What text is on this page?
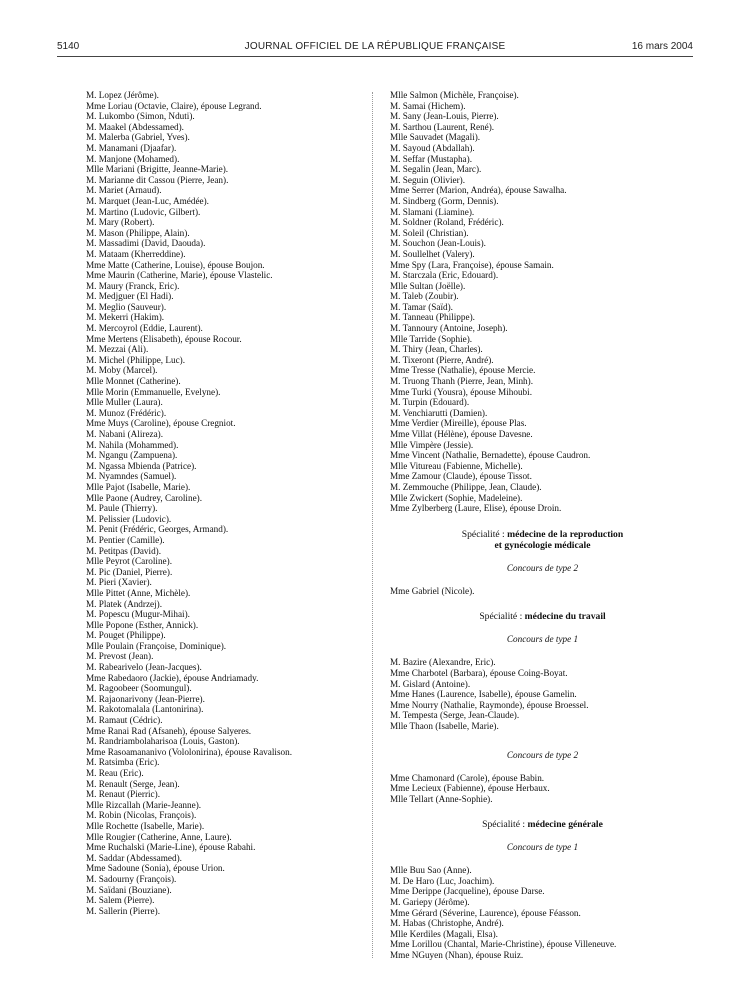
5140	JOURNAL OFFICIEL DE LA RÉPUBLIQUE FRANÇAISE	16 mars 2004
M. Lopez (Jérôme).
Mme Loriau (Octavie, Claire), épouse Legrand.
M. Lukombo (Simon, Nduti).
M. Maakel (Abdessamed).
M. Malerba (Gabriel, Yves).
M. Manamani (Djaafar).
M. Manjone (Mohamed).
Mlle Mariani (Brigitte, Jeanne-Marie).
M. Marianne dit Cassou (Pierre, Jean).
M. Mariet (Arnaud).
M. Marquet (Jean-Luc, Amédée).
M. Martino (Ludovic, Gilbert).
M. Mary (Robert).
M. Mason (Philippe, Alain).
M. Massadimi (David, Daouda).
M. Mataam (Kherreddine).
Mme Matte (Catherine, Louise), épouse Boujon.
Mme Maurin (Catherine, Marie), épouse Vlastelic.
M. Maury (Franck, Eric).
M. Medjguer (El Hadi).
M. Meglio (Sauveur).
M. Mekerri (Hakim).
M. Mercoyrol (Eddie, Laurent).
Mme Mertens (Elisabeth), épouse Rocour.
M. Mezzai (Ali).
M. Michel (Philippe, Luc).
M. Moby (Marcel).
Mlle Monnet (Catherine).
Mlle Morin (Emmanuelle, Evelyne).
Mlle Muller (Laura).
M. Munoz (Frédéric).
Mme Muys (Caroline), épouse Cregniot.
M. Nabani (Alireza).
M. Nahila (Mohammed).
M. Ngangu (Zampuena).
M. Ngassa Mbienda (Patrice).
M. Nyamndes (Samuel).
Mlle Pajot (Isabelle, Marie).
Mlle Paone (Audrey, Caroline).
M. Paule (Thierry).
M. Pelissier (Ludovic).
M. Penit (Frédéric, Georges, Armand).
M. Pentier (Camille).
M. Petitpas (David).
Mlle Peyrot (Caroline).
M. Pic (Daniel, Pierre).
M. Pieri (Xavier).
Mlle Pittet (Anne, Michèle).
M. Platek (Andrzej).
M. Popescu (Mugur-Mihai).
Mlle Popone (Esther, Annick).
M. Pouget (Philippe).
Mlle Poulain (Françoise, Dominique).
M. Prevost (Jean).
M. Rabearivelo (Jean-Jacques).
Mme Rabedaoro (Jackie), épouse Andriamady.
M. Ragoobeer (Soomungul).
M. Rajaonarivony (Jean-Pierre).
M. Rakotomalala (Lantonirina).
M. Ramaut (Cédric).
Mme Ranai Rad (Afsaneh), épouse Salyeres.
M. Randriambolaharisoa (Louis, Gaston).
Mme Rasoamananivo (Vololonirina), épouse Ravalison.
M. Ratsimba (Eric).
M. Reau (Eric).
M. Renault (Serge, Jean).
M. Renaut (Pierric).
Mlle Rizcallah (Marie-Jeanne).
M. Robin (Nicolas, François).
Mlle Rochette (Isabelle, Marie).
Mlle Rougier (Catherine, Anne, Laure).
Mme Ruchalski (Marie-Line), épouse Rabahi.
M. Saddar (Abdessamed).
Mme Sadoune (Sonia), épouse Urion.
M. Sadourny (François).
M. Saïdani (Bouziane).
M. Salem (Pierre).
M. Sallerin (Pierre).
Mlle Salmon (Michèle, Françoise).
M. Samai (Hichem).
M. Sany (Jean-Louis, Pierre).
M. Sarthou (Laurent, René).
Mlle Sauvadet (Magali).
M. Sayoud (Abdallah).
M. Seffar (Mustapha).
M. Segalin (Jean, Marc).
M. Seguin (Olivier).
Mme Serrer (Marion, Andréa), épouse Sawalha.
M. Sindberg (Gorm, Dennis).
M. Slamani (Liamine).
M. Soldner (Roland, Frédéric).
M. Soleil (Christian).
M. Souchon (Jean-Louis).
M. Soullelhet (Valery).
Mme Spy (Lara, Françoise), épouse Samain.
M. Starczala (Eric, Edouard).
Mlle Sultan (Joëlle).
M. Taleb (Zoubir).
M. Tamar (Saïd).
M. Tanneau (Philippe).
M. Tannoury (Antoine, Joseph).
Mlle Tarride (Sophie).
M. Thiry (Jean, Charles).
M. Tixeront (Pierre, André).
Mme Tresse (Nathalie), épouse Mercie.
M. Truong Thanh (Pierre, Jean, Minh).
Mme Turki (Yousra), épouse Mihoubi.
M. Turpin (Edouard).
M. Venchiarutti (Damien).
Mme Verdier (Mireille), épouse Plas.
Mme Villat (Hélène), épouse Davesne.
Mlle Vimpère (Jessie).
Mme Vincent (Nathalie, Bernadette), épouse Caudron.
Mlle Vitureau (Fabienne, Michelle).
Mme Zamour (Claude), épouse Tissot.
M. Zemmouche (Philippe, Jean, Claude).
Mlle Zwickert (Sophie, Madeleine).
Mme Zylberberg (Laure, Elise), épouse Droin.
Spécialité : médecine de la reproduction
et gynécologie médicale
Concours de type 2
Mme Gabriel (Nicole).
Spécialité : médecine du travail
Concours de type 1
M. Bazire (Alexandre, Eric).
Mme Charbotel (Barbara), épouse Coing-Boyat.
M. Gislard (Antoine).
Mme Hanes (Laurence, Isabelle), épouse Gamelin.
Mme Nourry (Nathalie, Raymonde), épouse Broessel.
M. Tempesta (Serge, Jean-Claude).
Mlle Thaon (Isabelle, Marie).
Concours de type 2
Mme Chamonard (Carole), épouse Babin.
Mme Lecieux (Fabienne), épouse Herbaux.
Mlle Tellart (Anne-Sophie).
Spécialité : médecine générale
Concours de type 1
Mlle Buu Sao (Anne).
M. De Haro (Luc, Joachim).
Mme Derippe (Jacqueline), épouse Darse.
M. Gariepy (Jérôme).
Mme Gérard (Séverine, Laurence), épouse Féasson.
M. Habas (Christophe, André).
Mlle Kerdiles (Magali, Elsa).
Mme Lorillou (Chantal, Marie-Christine), épouse Villeneuve.
Mme NGuyen (Nhan), épouse Ruiz.
